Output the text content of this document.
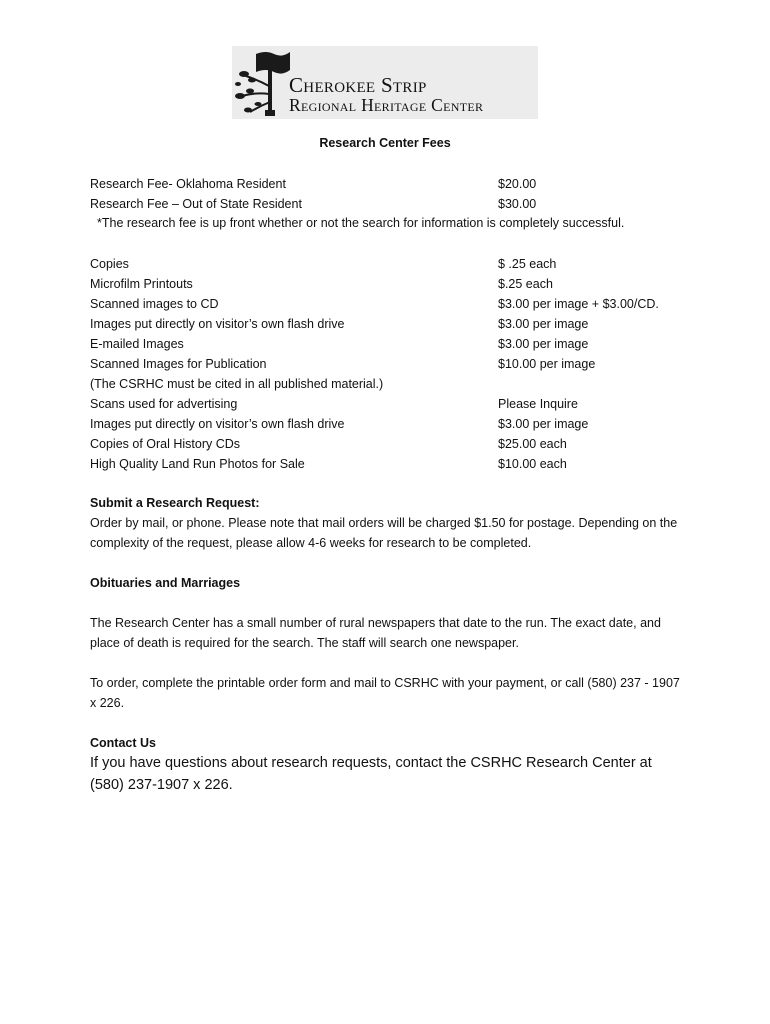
Cherokee Strip
Regional Heritage Center
Research Center Fees
Research Fee- Oklahoma Resident	$20.00
Research Fee – Out of State Resident	$30.00
*The research fee is up front whether or not the search for information is completely successful.
Copies	$ .25 each
Microfilm Printouts	$.25 each
Scanned images to CD	$3.00 per image + $3.00/CD.
Images put directly on visitor’s own flash drive	$3.00 per image
E-mailed Images	$3.00 per image
Scanned Images for Publication	$10.00 per image
(The CSRHC must be cited in all published material.)
Scans used for advertising	Please Inquire
Images put directly on visitor’s own flash drive	$3.00 per image
Copies of Oral History CDs	$25.00 each
High Quality Land Run Photos for Sale	$10.00 each
Submit a Research Request:
Order by mail, or phone. Please note that mail orders will be charged $1.50 for postage. Depending on the complexity of the request, please allow 4-6 weeks for research to be completed.
Obituaries and Marriages
The Research Center has a small number of rural newspapers that date to the run. The exact date, and place of death is required for the search. The staff will search one newspaper.
To order, complete the printable order form and mail to CSRHC with your payment, or call (580) 237 - 1907 x 226.
Contact Us
If you have questions about research requests, contact the CSRHC Research Center at (580) 237-1907 x 226.
